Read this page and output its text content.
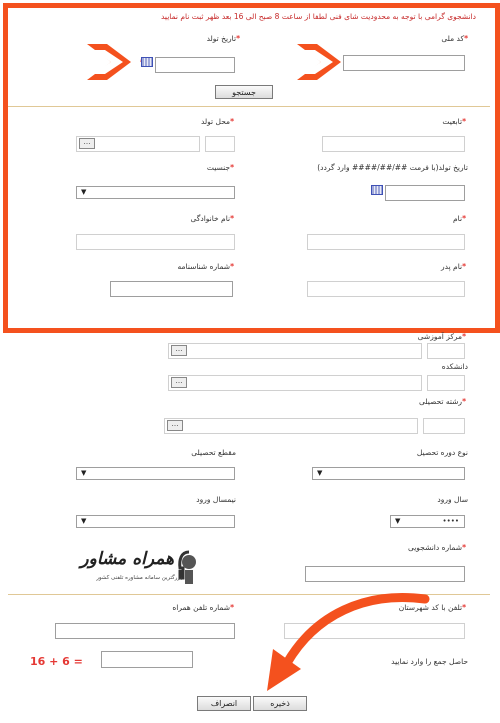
دانشجوی گرامی با توجه به محدودیت شای فنی لطفا از ساعت 8 صبح الی 16 بعد ظهر ثبت نام نمایید
*کد ملی
*تاریخ تولد
جستجو
*تابعیت
*محل تولد
…
تاریخ تولد(با فرمت ##/##/#### وارد گردد)
*جنسیت
▼
*نام
*نام خانوادگی
*نام پدر
*شماره شناسنامه
*مرکز آموزشی
…
دانشکده
…
*رشته تحصیلی
…
نوع دوره تحصیل
▼
مقطع تحصیلی
▼
سال ورود
▼	••••
نیمسال ورود
▼
*شماره دانشجویی
همراه مشاور
بزرگترین سامانه مشاوره تلفنی کشور
*تلفن با کد شهرستان
*شماره تلفن همراه
16 + 6 =	حاصل جمع را وارد نمایید
ذخیره
انصراف
